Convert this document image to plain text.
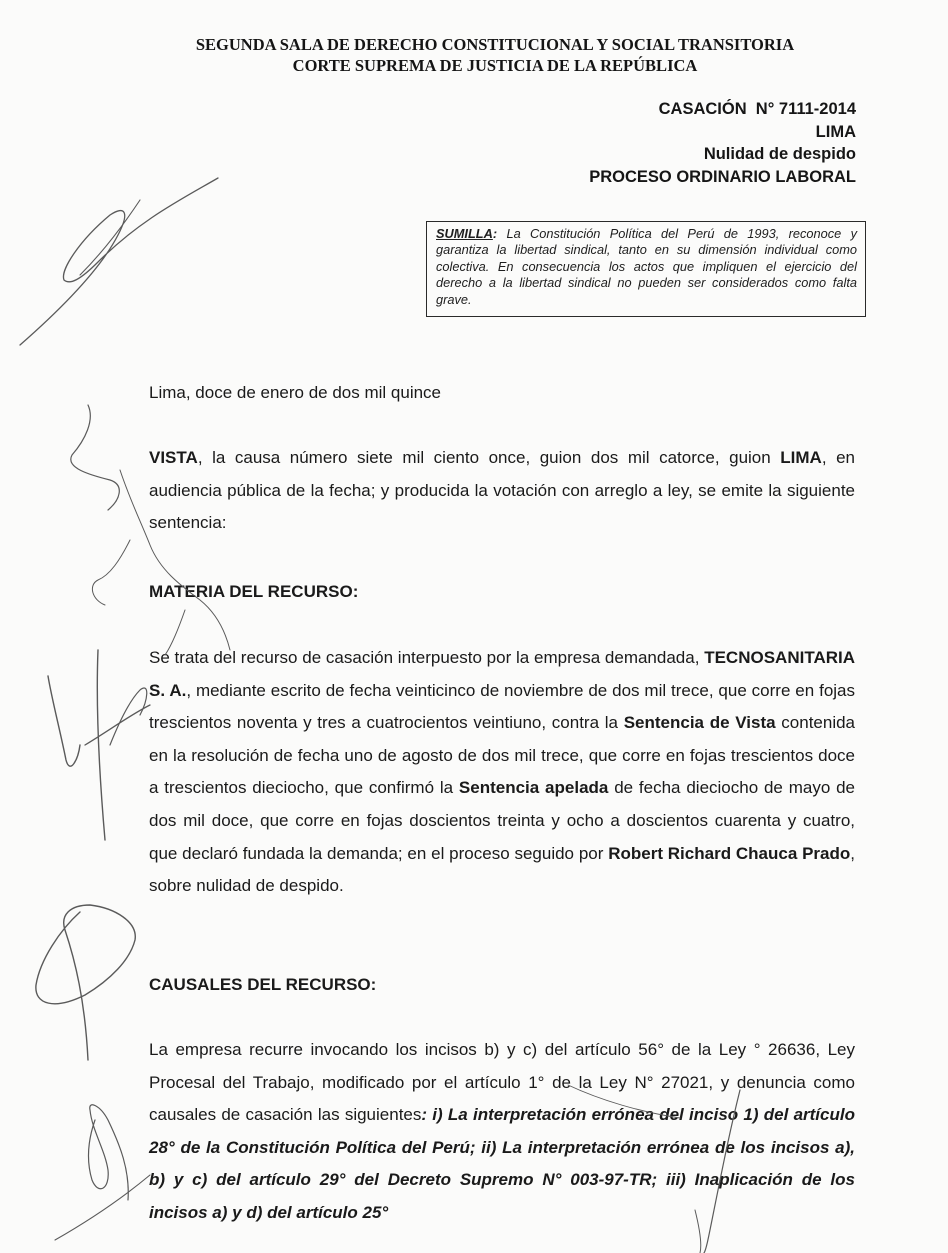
SEGUNDA SALA DE DERECHO CONSTITUCIONAL Y SOCIAL TRANSITORIA
CORTE SUPREMA DE JUSTICIA DE LA REPÚBLICA
CASACIÓN  N° 7111-2014
LIMA
Nulidad de despido
PROCESO ORDINARIO LABORAL
SUMILLA: La Constitución Política del Perú de 1993, reconoce y garantiza la libertad sindical, tanto en su dimensión individual como colectiva. En consecuencia los actos que impliquen el ejercicio del derecho a la libertad sindical no pueden ser considerados como falta grave.
Lima, doce de enero de dos mil quince
VISTA, la causa número siete mil ciento once, guion dos mil catorce, guion LIMA, en audiencia pública de la fecha; y producida la votación con arreglo a ley, se emite la siguiente sentencia:
MATERIA DEL RECURSO:
Se trata del recurso de casación interpuesto por la empresa demandada, TECNOSANITARIA S. A., mediante escrito de fecha veinticinco de noviembre de dos mil trece, que corre en fojas trescientos noventa y tres a cuatrocientos veintiuno, contra la Sentencia de Vista contenida en la resolución de fecha uno de agosto de dos mil trece, que corre en fojas trescientos doce a trescientos dieciocho, que confirmó la Sentencia apelada de fecha dieciocho de mayo de dos mil doce, que corre en fojas doscientos treinta y ocho a doscientos cuarenta y cuatro, que declaró fundada la demanda; en el proceso seguido por Robert Richard Chauca Prado, sobre nulidad de despido.
CAUSALES DEL RECURSO:
La empresa recurre invocando los incisos b) y c) del artículo 56° de la Ley ° 26636, Ley Procesal del Trabajo, modificado por el artículo 1° de la Ley N° 27021, y denuncia como causales de casación las siguientes: i) La interpretación errónea del inciso 1) del artículo 28° de la Constitución Política del Perú; ii) La interpretación errónea de los incisos a), b) y c) del artículo 29° del Decreto Supremo N° 003-97-TR; iii) Inaplicación de los incisos a) y d) del artículo 25°
